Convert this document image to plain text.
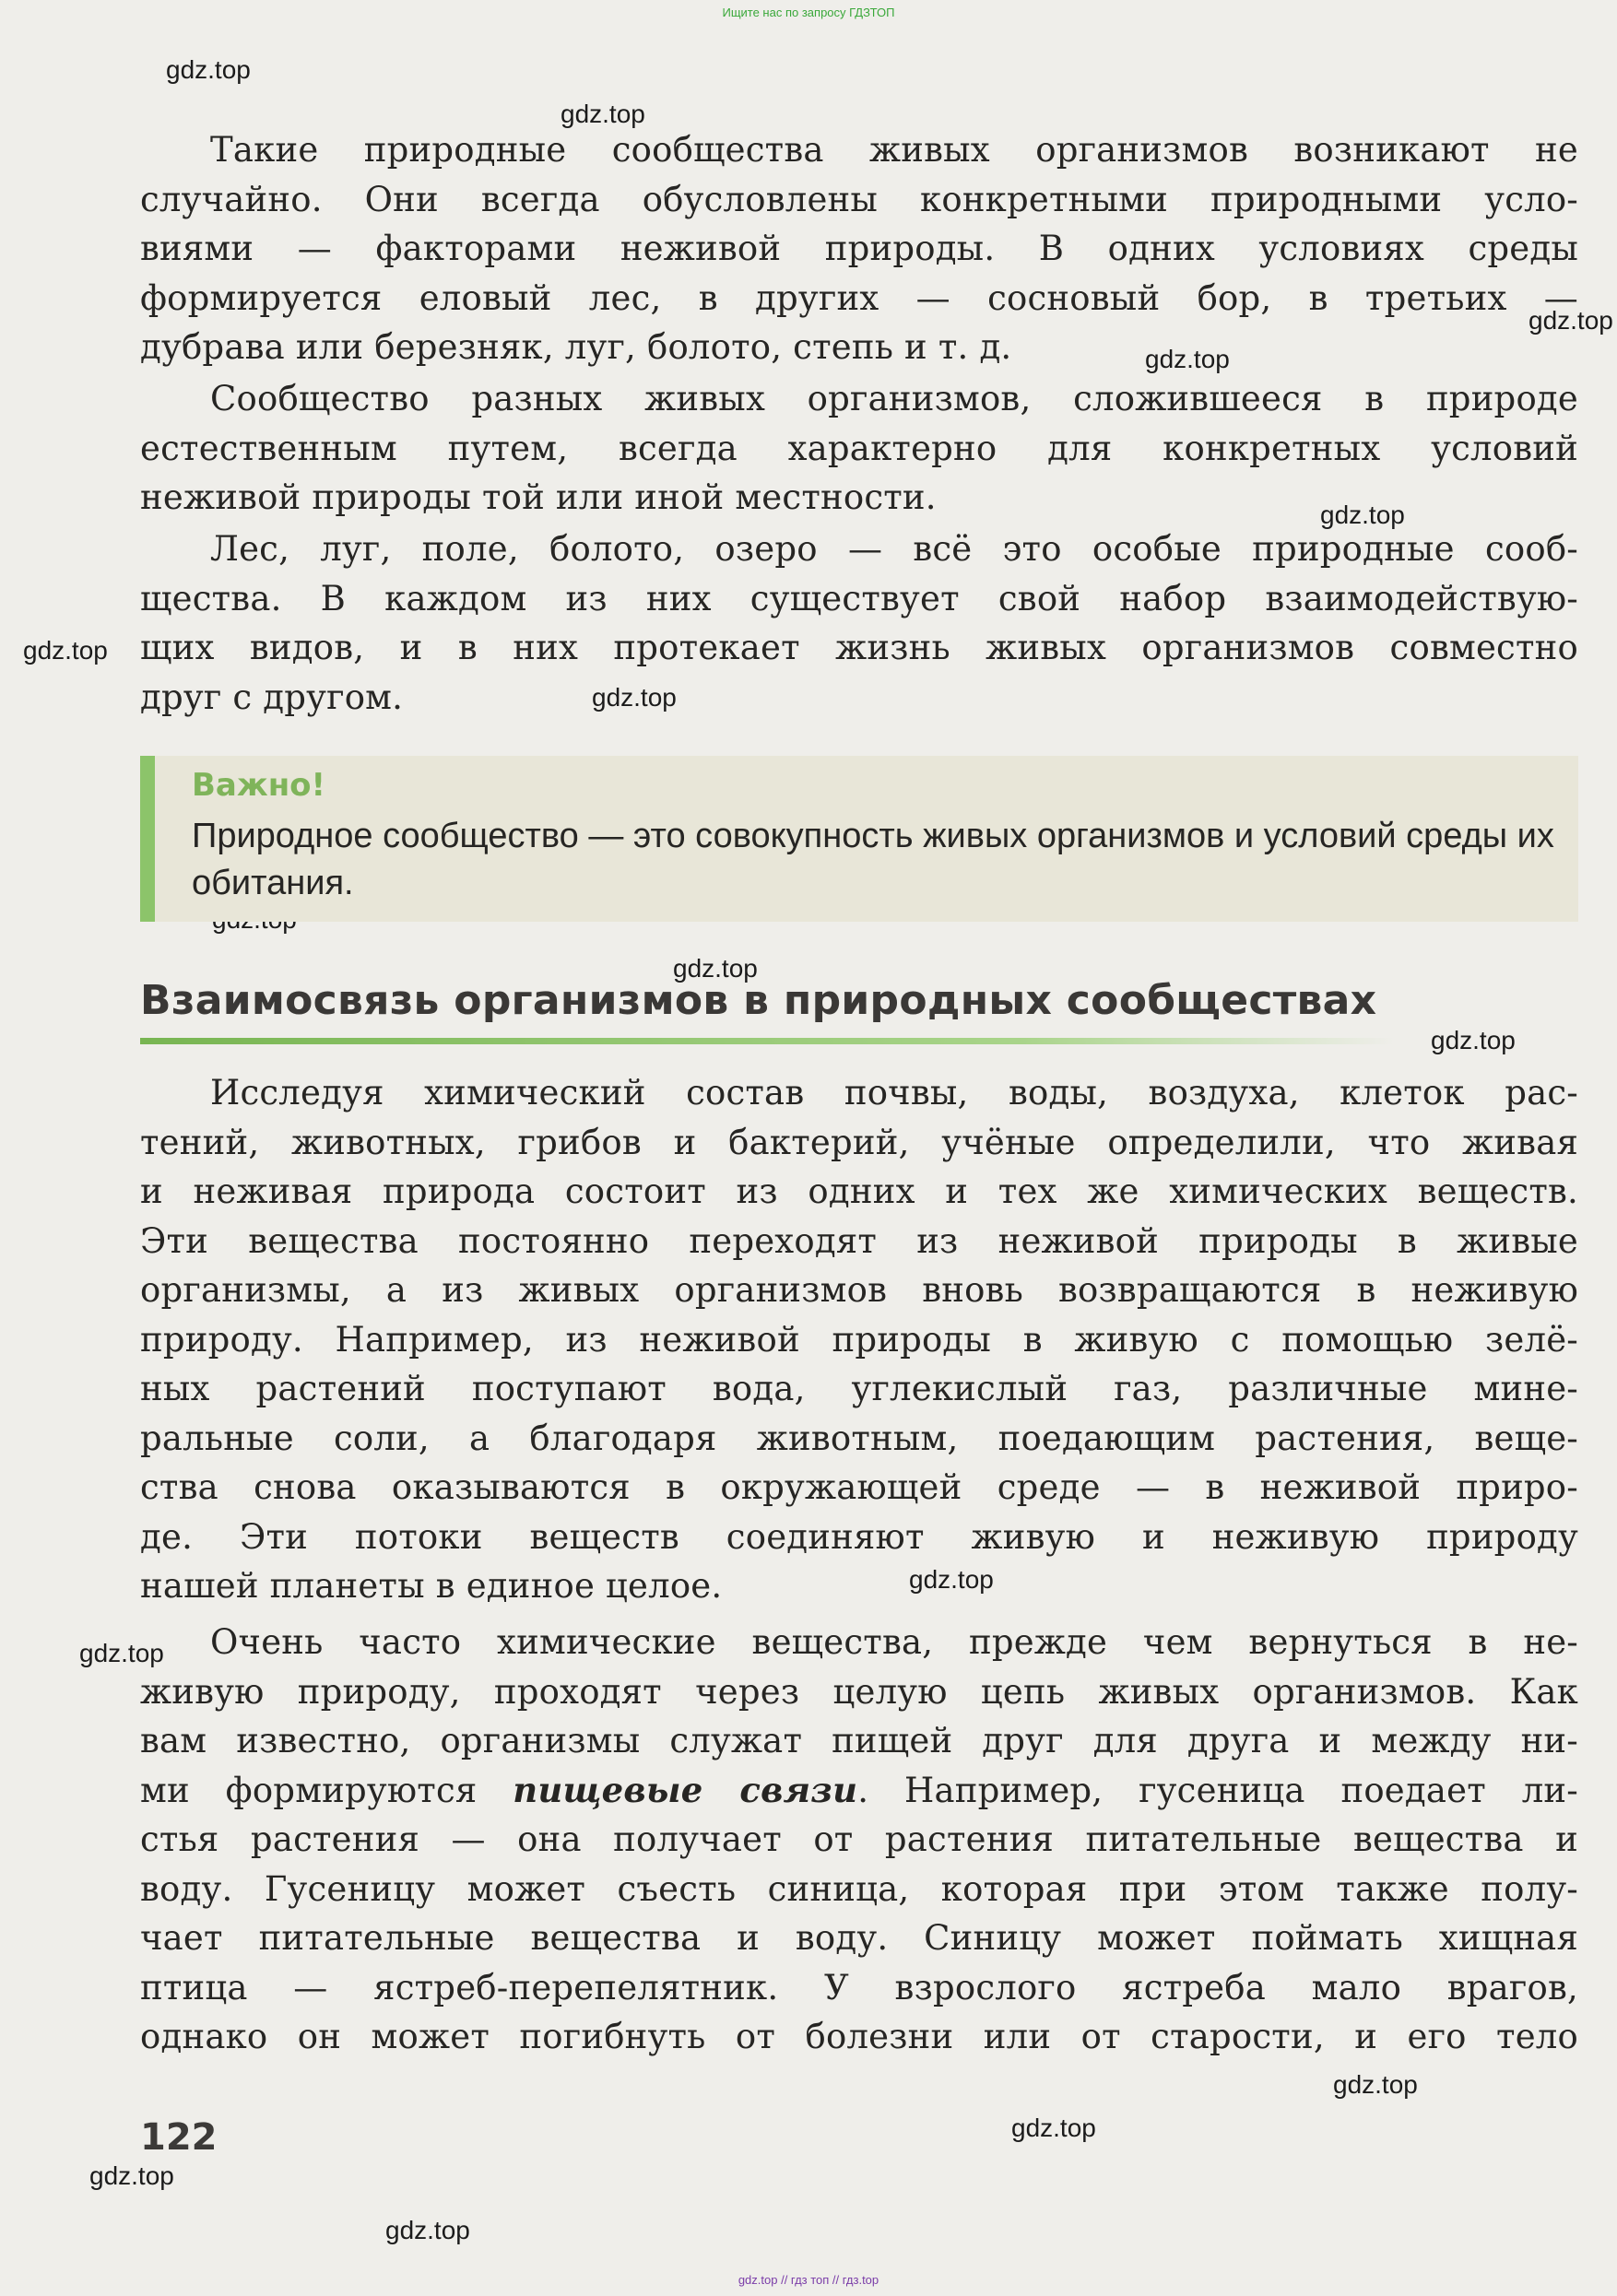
Ищите нас по запросу ГДЗТОП
gdz.top
gdz.top
gdz.top
gdz.top
gdz.top
gdz.top
gdz.top
gdz.top
gdz.top
gdz.top
gdz.top
gdz.top
gdz.top
gdz.top
gdz.top

Такие природные сообщества живых организмов возникают не
случайно. Они всегда обусловлены конкретными природными усло-
виями — факторами неживой природы. В одних условиях среды
формируется еловый лес, в других — сосновый бор, в третьих —
дубрава или березняк, луг, болото, степь и т. д.

Сообщество разных живых организмов, сложившееся в природе
естественным путем, всегда характерно для конкретных условий
неживой природы той или иной местности.

Лес, луг, поле, болото, озеро — всё это особые природные сооб-
щества. В каждом из них существует свой набор взаимодействую-
щих видов, и в них протекает жизнь живых организмов совместно
друг с другом.

Важно!

Природное сообщество — это совокупность живых организмов и условий среды их обитания.

Взаимосвязь организмов в природных сообществах

Исследуя химический состав почвы, воды, воздуха, клеток рас-
тений, животных, грибов и бактерий, учёные определили, что живая
и неживая природа состоит из одних и тех же химических веществ.
Эти вещества постоянно переходят из неживой природы в живые
организмы, а из живых организмов вновь возвращаются в неживую
природу. Например, из неживой природы в живую с помощью зелё-
ных растений поступают вода, углекислый газ, различные мине-
ральные соли, а благодаря животным, поедающим растения, веще-
ства снова оказываются в окружающей среде — в неживой приро-
де. Эти потоки веществ соединяют живую и неживую природу
нашей планеты в единое целое.

Очень часто химические вещества, прежде чем вернуться в не-
живую природу, проходят через целую цепь живых организмов. Как
вам известно, организмы служат пищей друг для друга и между ни-
ми формируются пищевые связи. Например, гусеница поедает ли-
стья растения — она получает от растения питательные вещества и
воду. Гусеницу может съесть синица, которая при этом также полу-
чает питательные вещества и воду. Синицу может поймать хищная
птица — ястреб-перепелятник. У взрослого ястреба мало врагов,
однако он может погибнуть от болезни или от старости, и его тело

122

gdz.top // гдз топ // гдз.top
